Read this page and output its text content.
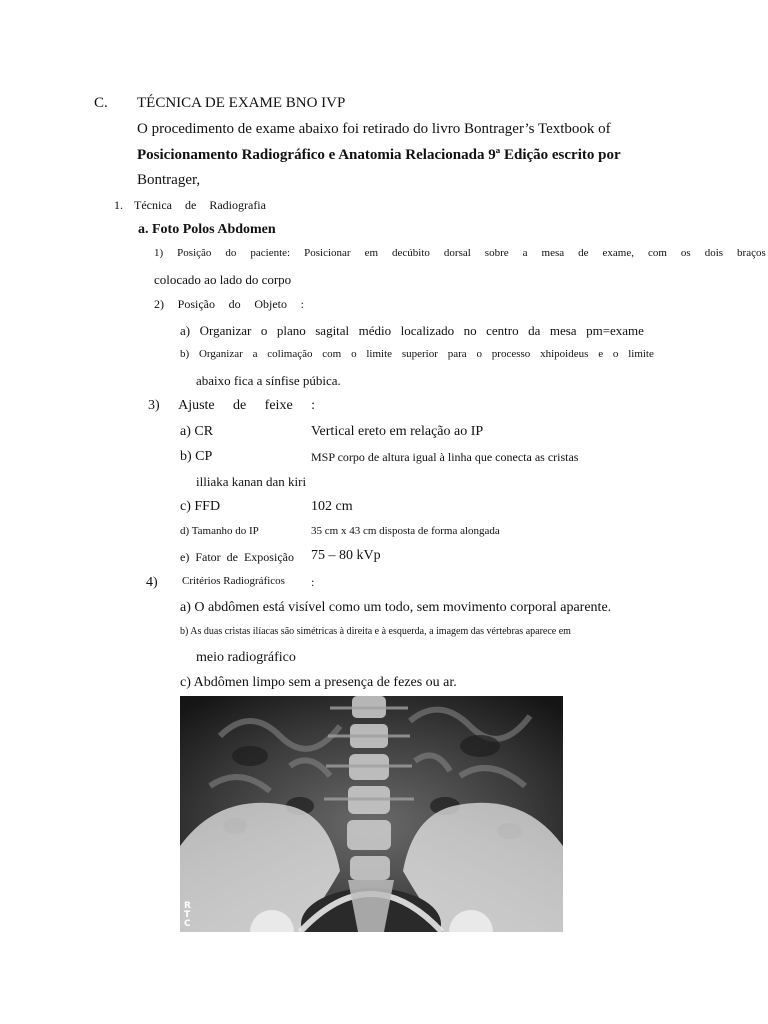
C. TÉCNICA DE EXAME BNO IVP
O procedimento de exame abaixo foi retirado do livro Bontrager’s Textbook of
Posicionamento Radiográfico e Anatomia Relacionada 9ª Edição escrito por
Bontrager,
1. Técnica de Radiografia
a. Foto Polos Abdomen
1) Posição do paciente: Posicionar em decúbito dorsal sobre a mesa de exame, com os dois braços
colocado ao lado do corpo
2) Posição do Objeto :
a) Organizar o plano sagital médio localizado no centro da mesa pm=exame
b) Organizar a colimação com o limite superior para o processo xhipoideus e o limite
abaixo fica a sínfise púbica.
3) Ajuste de feixe :
a) CR	Vertical ereto em relação ao IP
b) CP	MSP corpo de altura igual à linha que conecta as cristas
illiaka kanan dan kiri
c) FFD	102 cm
d) Tamanho do IP	35 cm x 43 cm disposta de forma alongada
e) Fator de Exposição 75 – 80 kVp
4) Critérios Radiográficos :
a) O abdômen está visível como um todo, sem movimento corporal aparente.
b) As duas cristas ilíacas são simétricas à direita e à esquerda, a imagem das vértebras aparece em
meio radiográfico
c) Abdômen limpo sem a presença de fezes ou ar.
RTC
